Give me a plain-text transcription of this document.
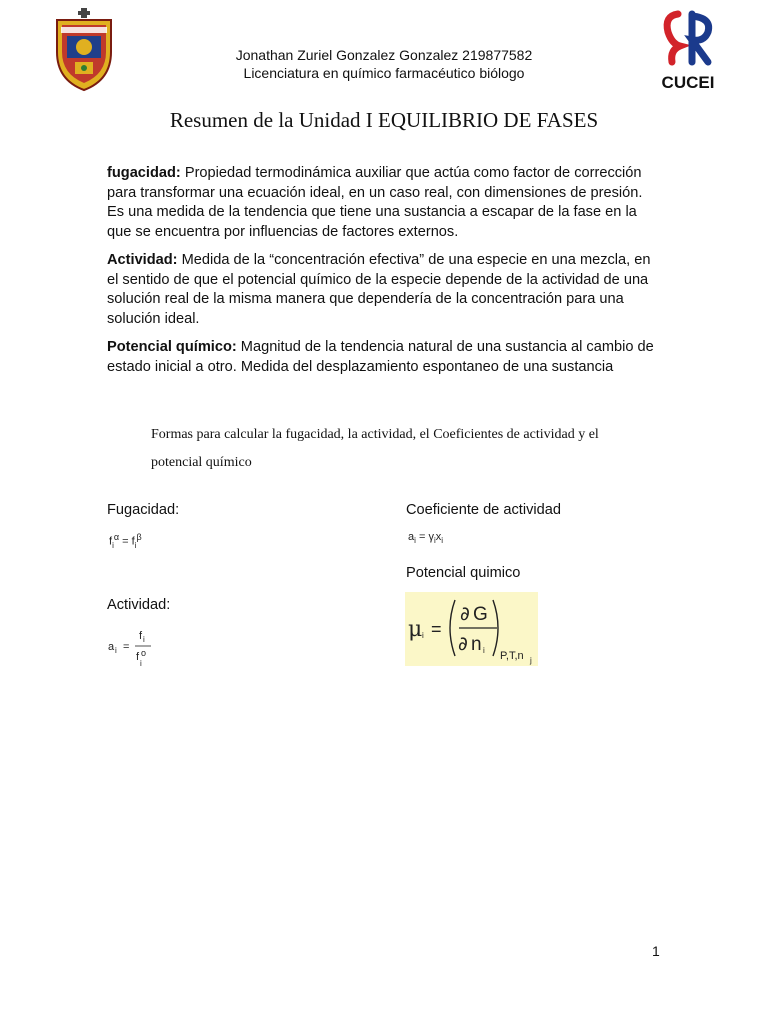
CUCEI
Jonathan Zuriel Gonzalez Gonzalez 219877582
Licenciatura en químico farmacéutico biólogo
Resumen de la Unidad I EQUILIBRIO DE FASES

fugacidad: Propiedad termodinámica auxiliar que actúa como factor de corrección para transformar una ecuación ideal, en un caso real, con dimensiones de presión. Es una medida de la tendencia que tiene una sustancia a escapar de la fase en la que se encuentra por influencias de factores externos.

Actividad: Medida de la “concentración efectiva” de una especie en una mezcla, en el sentido de que el potencial químico de la especie depende de la actividad de una solución real de la misma manera que dependería de la concentración para una solución ideal.

Potencial químico: Magnitud de la tendencia natural de una sustancia al cambio de estado inicial a otro. Medida del desplazamiento espontaneo de una sustancia

Formas para calcular la fugacidad, la actividad, el Coeficientes de actividad y el potencial químico

Fugacidad:	Coeficiente de actividad
Potencial quimico
Actividad:
$f_i^\alpha = f_i^\beta$	$a_i = \gamma_ix_i$
a i =
f i
f
i
o
μ i =
∂ G
∂ n i P,T,n j
1
